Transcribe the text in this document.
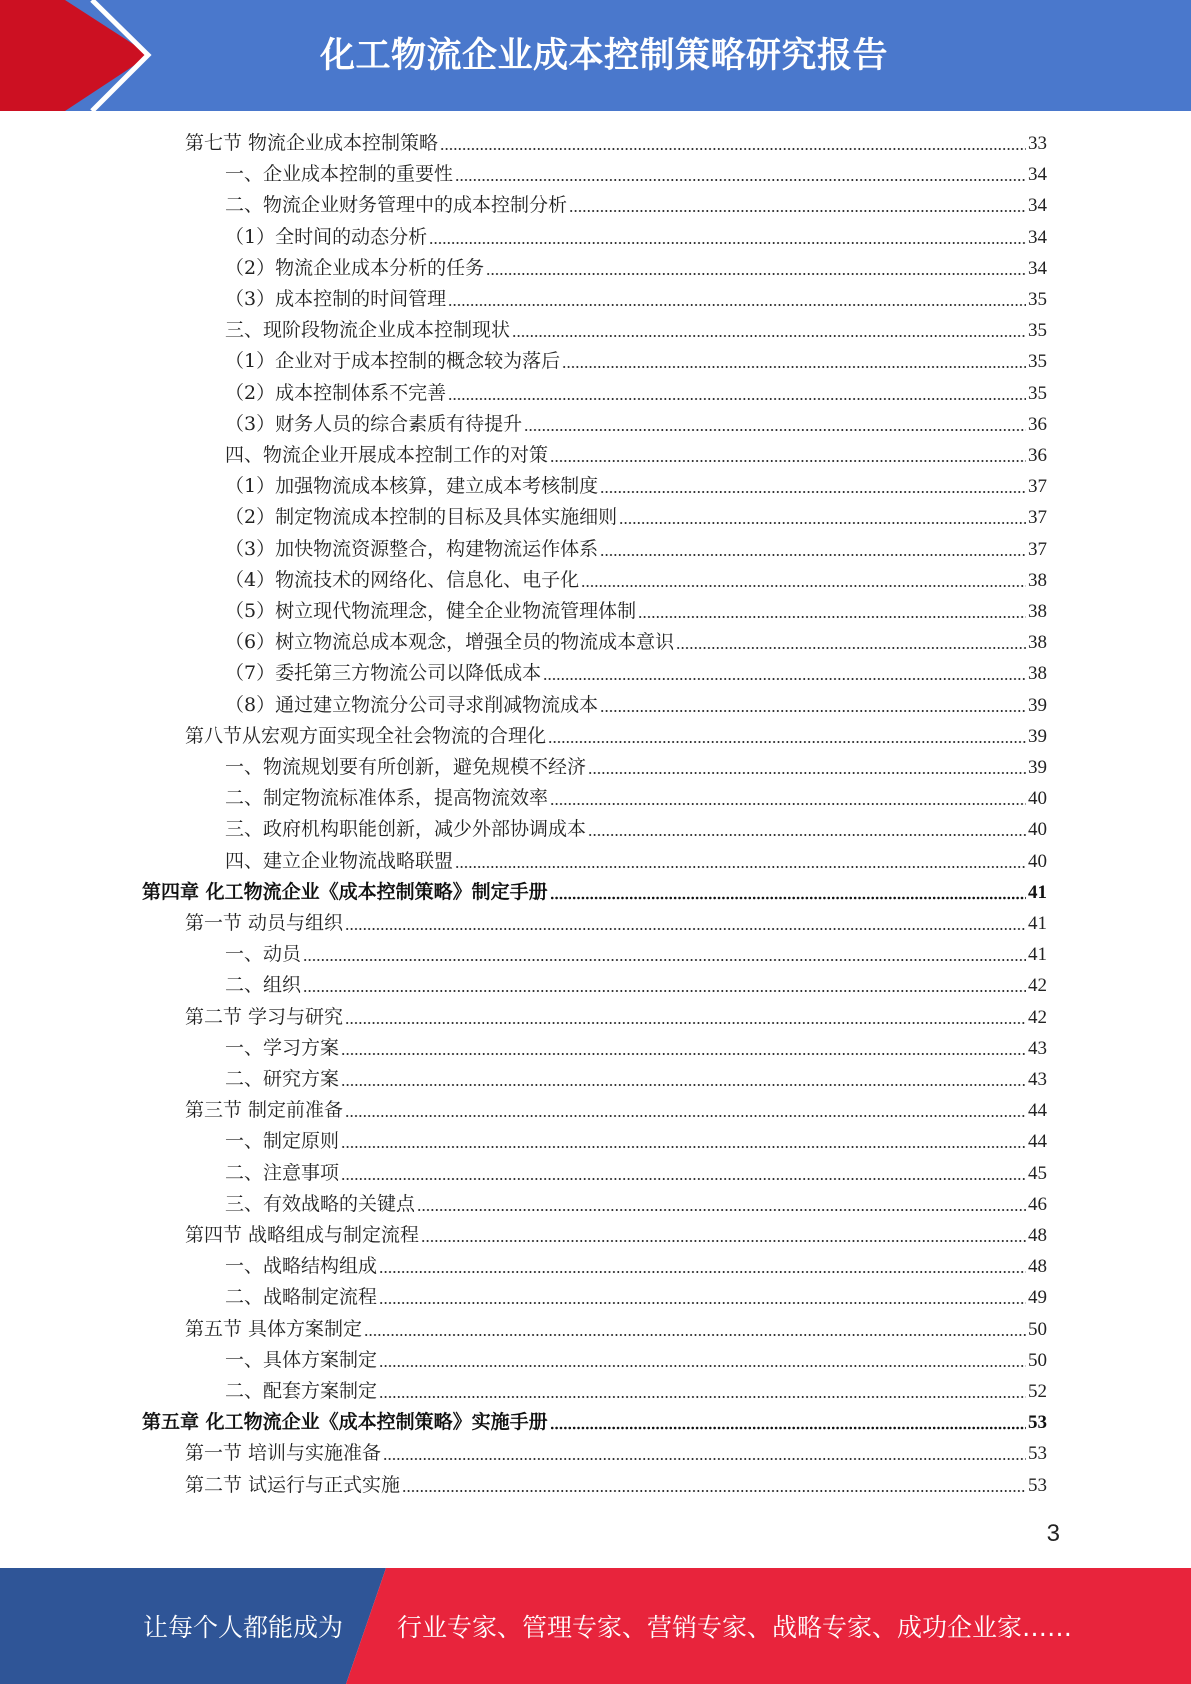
化工物流企业成本控制策略研究报告
第七节 物流企业成本控制策略	33
一、企业成本控制的重要性	34
二、物流企业财务管理中的成本控制分析	34
（1）全时间的动态分析	34
（2）物流企业成本分析的任务	34
（3）成本控制的时间管理	35
三、现阶段物流企业成本控制现状	35
（1）企业对于成本控制的概念较为落后	35
（2）成本控制体系不完善	35
（3）财务人员的综合素质有待提升	36
四、物流企业开展成本控制工作的对策	36
（1）加强物流成本核算，建立成本考核制度	37
（2）制定物流成本控制的目标及具体实施细则	37
（3）加快物流资源整合，构建物流运作体系	37
（4）物流技术的网络化、信息化、电子化	38
（5）树立现代物流理念，健全企业物流管理体制	38
（6）树立物流总成本观念，增强全员的物流成本意识	38
（7）委托第三方物流公司以降低成本	38
（8）通过建立物流分公司寻求削减物流成本	39
第八节从宏观方面实现全社会物流的合理化	39
一、物流规划要有所创新，避免规模不经济	39
二、制定物流标准体系，提高物流效率	40
三、政府机构职能创新，减少外部协调成本	40
四、建立企业物流战略联盟	40
第四章 化工物流企业《成本控制策略》制定手册	41
第一节 动员与组织	41
一、动员	41
二、组织	42
第二节 学习与研究	42
一、学习方案	43
二、研究方案	43
第三节 制定前准备	44
一、制定原则	44
二、注意事项	45
三、有效战略的关键点	46
第四节 战略组成与制定流程	48
一、战略结构组成	48
二、战略制定流程	49
第五节 具体方案制定	50
一、具体方案制定	50
二、配套方案制定	52
第五章 化工物流企业《成本控制策略》实施手册	53
第一节 培训与实施准备	53
第二节 试运行与正式实施	53
3
让每个人都能成为 行业专家、管理专家、营销专家、战略专家、成功企业家……
